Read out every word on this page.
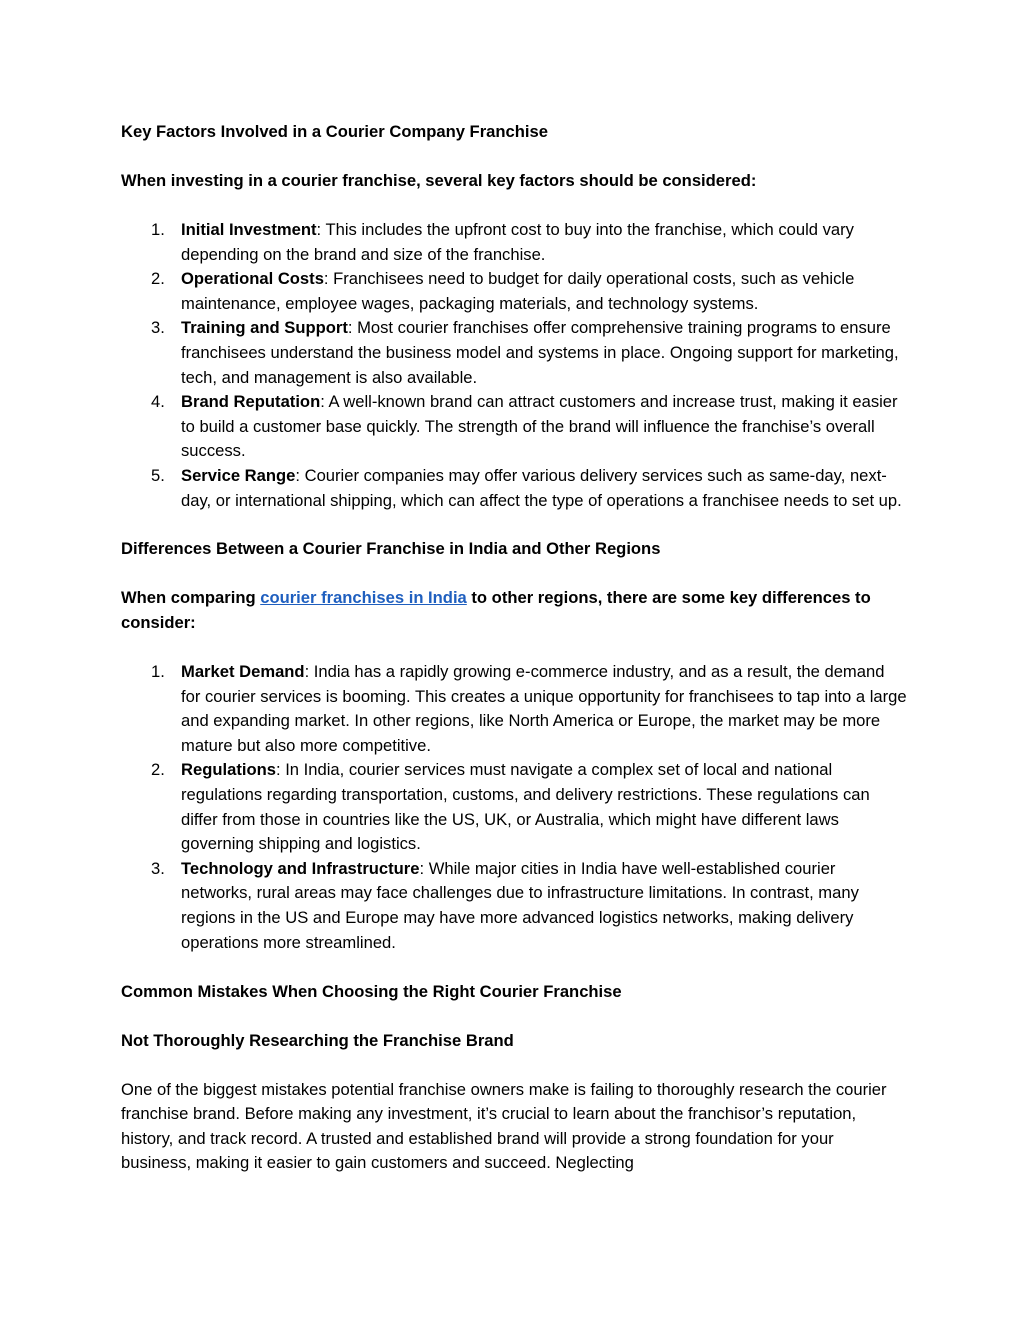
Key Factors Involved in a Courier Company Franchise

When investing in a courier franchise, several key factors should be considered:

1. Initial Investment: This includes the upfront cost to buy into the franchise, which could vary depending on the brand and size of the franchise.
2. Operational Costs: Franchisees need to budget for daily operational costs, such as vehicle maintenance, employee wages, packaging materials, and technology systems.
3. Training and Support: Most courier franchises offer comprehensive training programs to ensure franchisees understand the business model and systems in place. Ongoing support for marketing, tech, and management is also available.
4. Brand Reputation: A well-known brand can attract customers and increase trust, making it easier to build a customer base quickly. The strength of the brand will influence the franchise’s overall success.
5. Service Range: Courier companies may offer various delivery services such as same-day, next-day, or international shipping, which can affect the type of operations a franchisee needs to set up.

Differences Between a Courier Franchise in India and Other Regions

When comparing courier franchises in India to other regions, there are some key differences to consider:

1. Market Demand: India has a rapidly growing e-commerce industry, and as a result, the demand for courier services is booming. This creates a unique opportunity for franchisees to tap into a large and expanding market. In other regions, like North America or Europe, the market may be more mature but also more competitive.
2. Regulations: In India, courier services must navigate a complex set of local and national regulations regarding transportation, customs, and delivery restrictions. These regulations can differ from those in countries like the US, UK, or Australia, which might have different laws governing shipping and logistics.
3. Technology and Infrastructure: While major cities in India have well-established courier networks, rural areas may face challenges due to infrastructure limitations. In contrast, many regions in the US and Europe may have more advanced logistics networks, making delivery operations more streamlined.

Common Mistakes When Choosing the Right Courier Franchise

Not Thoroughly Researching the Franchise Brand

One of the biggest mistakes potential franchise owners make is failing to thoroughly research the courier franchise brand. Before making any investment, it’s crucial to learn about the franchisor’s reputation, history, and track record. A trusted and established brand will provide a strong foundation for your business, making it easier to gain customers and succeed. Neglecting
